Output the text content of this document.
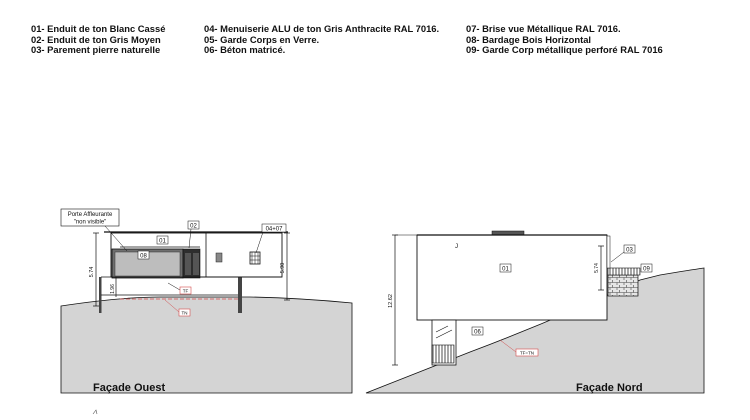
01- Enduit de ton Blanc Cassé
02- Enduit de ton Gris Moyen
03- Parement pierre naturelle
04- Menuiserie ALU de ton Gris Anthracite RAL 7016.
05- Garde Corps en Verre.
06- Béton matricé.
07- Brise vue Métallique RAL 7016.
08- Bardage Bois Horizontal
09- Garde Corp métallique perforé RAL 7016
Porte Affleurante
"non visible"
01
02
08
04+07
5.74	5.90
1.96	TF
TN
Façade Ouest
12.62
5.74
J
01
03
09
06
TF=TN
Façade Nord
